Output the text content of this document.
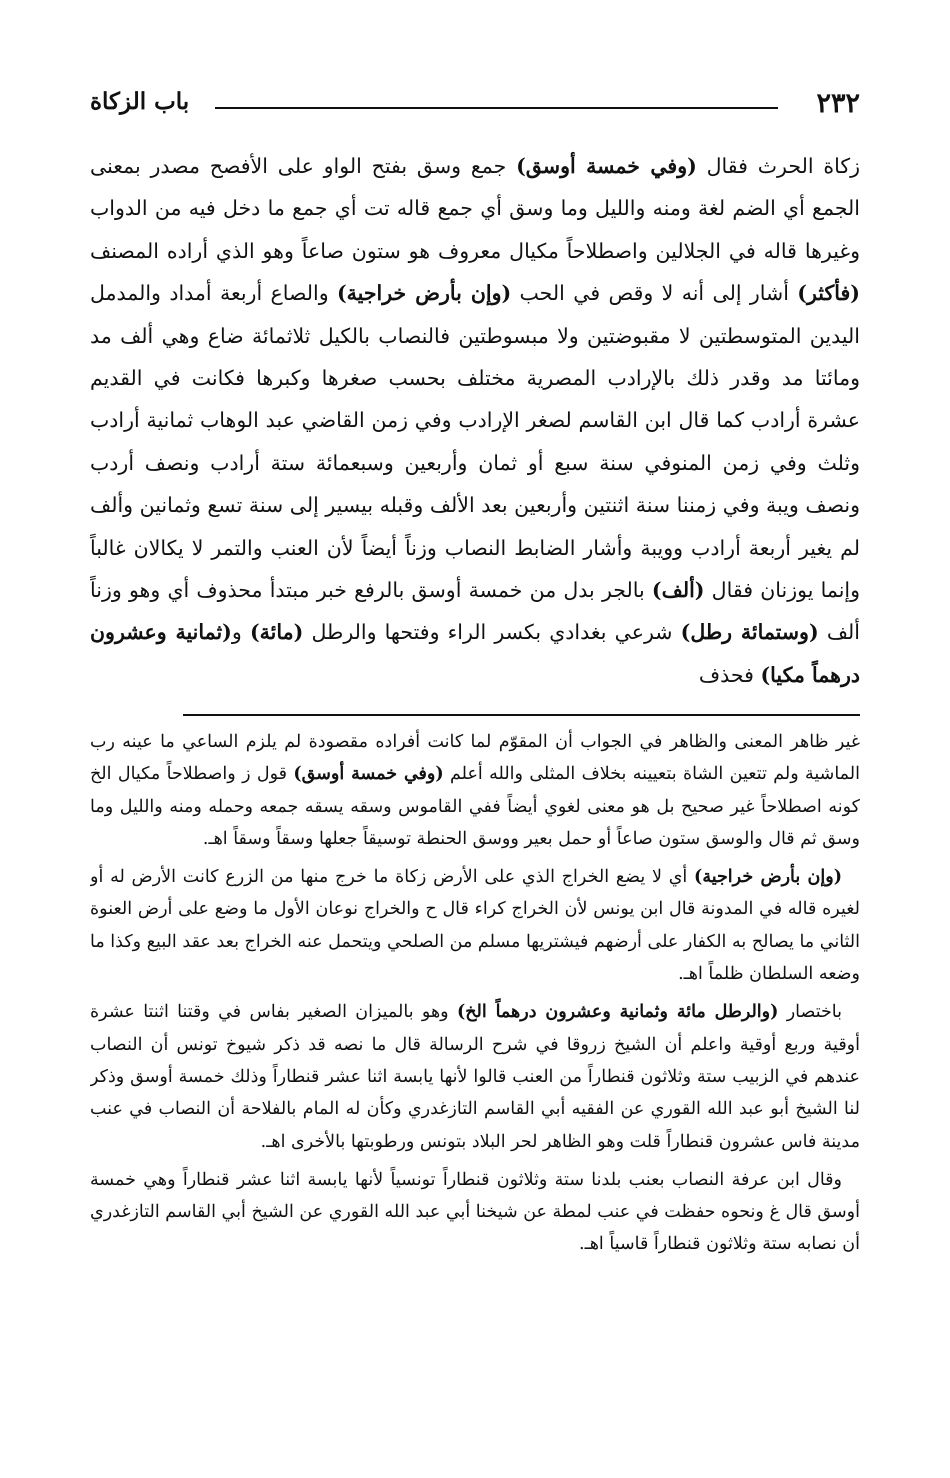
٢٣٢
باب الزكاة

زكاة الحرث فقال (وفي خمسة أوسق) جمع وسق بفتح الواو على الأفصح مصدر بمعنى الجمع أي الضم لغة ومنه والليل وما وسق أي جمع قاله تت أي جمع ما دخل فيه من الدواب وغيرها قاله في الجلالين واصطلاحاً مكيال معروف هو ستون صاعاً وهو الذي أراده المصنف (فأكثر) أشار إلى أنه لا وقص في الحب (وإن بأرض خراجية) والصاع أربعة أمداد والمدمل اليدين المتوسطتين لا مقبوضتين ولا مبسوطتين فالنصاب بالكيل ثلاثمائة ضاع وهي ألف مد ومائتا مد وقدر ذلك بالإرادب المصرية مختلف بحسب صغرها وكبرها فكانت في القديم عشرة أرادب كما قال ابن القاسم لصغر الإرادب وفي زمن القاضي عبد الوهاب ثمانية أرادب وثلث وفي زمن المنوفي سنة سبع أو ثمان وأربعين وسبعمائة ستة أرادب ونصف أردب ونصف ويبة وفي زمننا سنة اثنتين وأربعين بعد الألف وقبله بيسير إلى سنة تسع وثمانين وألف لم يغير أربعة أرادب وويبة وأشار الضابط النصاب وزناً أيضاً لأن العنب والتمر لا يكالان غالباً وإنما يوزنان فقال (ألف) بالجر بدل من خمسة أوسق بالرفع خبر مبتدأ محذوف أي وهو وزناً ألف (وستمائة رطل) شرعي بغدادي بكسر الراء وفتحها والرطل (مائة) و(ثمانية وعشرون درهماً مكيا) فحذف

غير ظاهر المعنى والظاهر في الجواب أن المقوّم لما كانت أفراده مقصودة لم يلزم الساعي ما عينه رب الماشية ولم تتعين الشاة بتعيينه بخلاف المثلى والله أعلم (وفي خمسة أوسق) قول ز واصطلاحاً مكيال الخ كونه اصطلاحاً غير صحيح بل هو معنى لغوي أيضاً ففي القاموس وسقه يسقه جمعه وحمله ومنه والليل وما وسق ثم قال والوسق ستون صاعاً أو حمل بعير ووسق الحنطة توسيقاً جعلها وسقاً وسقاً اهـ.

(وإن بأرض خراجية) أي لا يضع الخراج الذي على الأرض زكاة ما خرج منها من الزرع كانت الأرض له أو لغيره قاله في المدونة قال ابن يونس لأن الخراج كراء قال ح والخراج نوعان الأول ما وضع على أرض العنوة الثاني ما يصالح به الكفار على أرضهم فيشتريها مسلم من الصلحي ويتحمل عنه الخراج بعد عقد البيع وكذا ما وضعه السلطان ظلماً اهـ.

باختصار (والرطل مائة وثمانية وعشرون درهماً الخ) وهو بالميزان الصغير بفاس في وقتنا اثنتا عشرة أوقية وربع أوقية واعلم أن الشيخ زروقا في شرح الرسالة قال ما نصه قد ذكر شيوخ تونس أن النصاب عندهم في الزبيب ستة وثلاثون قنطاراً من العنب قالوا لأنها يابسة اثنا عشر قنطاراً وذلك خمسة أوسق وذكر لنا الشيخ أبو عبد الله القوري عن الفقيه أبي القاسم التازغدري وكأن له المام بالفلاحة أن النصاب في عنب مدينة فاس عشرون قنطاراً قلت وهو الظاهر لحر البلاد بتونس ورطوبتها بالأخرى اهـ.

وقال ابن عرفة النصاب بعنب بلدنا ستة وثلاثون قنطاراً تونسياً لأنها يابسة اثنا عشر قنطاراً وهي خمسة أوسق قال غ ونحوه حفظت في عنب لمطة عن شيخنا أبي عبد الله القوري عن الشيخ أبي القاسم التازغدري أن نصابه ستة وثلاثون قنطاراً قاسياً اهـ.
